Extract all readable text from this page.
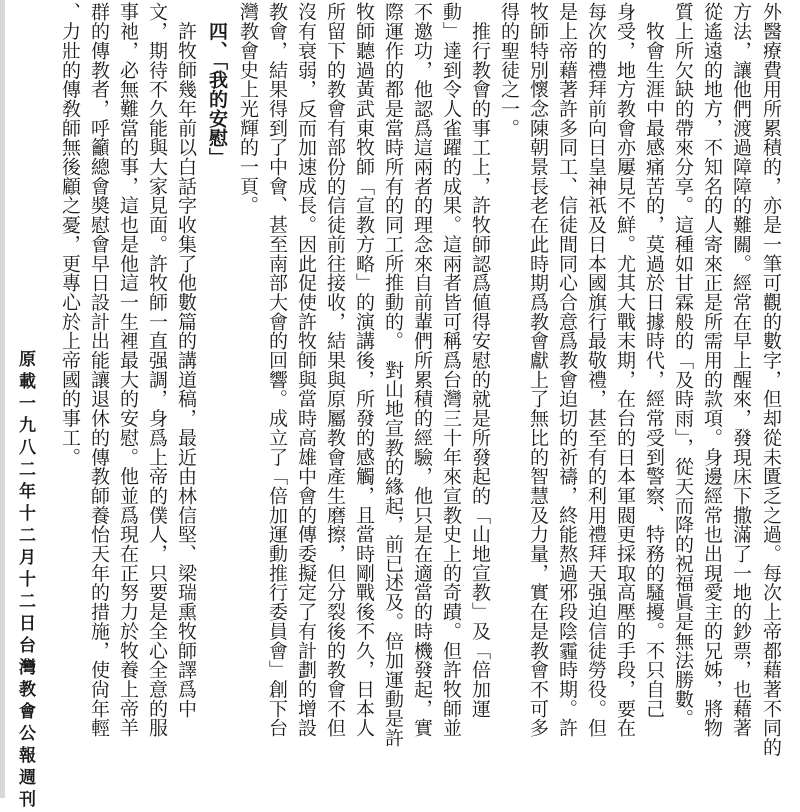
外醫療費用所累積的，亦是一筆可觀的數字，但却從未匱乏之過。每次上帝都藉著不同的
方法，讓他們渡過障障的難關。經常在早上醒來，發現床下撒滿了一地的鈔票，也藉著
從遙遠的地方，不知名的人寄來正是所需用的款項。身邊經常也出現愛主的兄姊，將物
質上所欠缺的帶來分享。這種如甘霖般的「及時雨」，從天而降的祝福眞是無法勝數。
　牧會生涯中最感痛苦的，莫過於日據時代，經常受到警察、特務的騷擾。不只自己
身受，地方教會亦屢見不鮮。尤其大戰末期，在台的日本軍閥更採取高壓的手段，要在
每次的禮拜前向日皇神祇及日本國旗行最敬禮，甚至有的利用禮拜天强迫信徒勞役。但
是上帝藉著許多同工、信徒間同心合意爲教會迫切的祈禱，終能熬過邪段陰霾時期。許
牧師特別懷念陳朝景長老在此時期爲教會獻上了無比的智慧及力量，實在是教會不可多
得的聖徒之一。
　推行教會的事工上，許牧師認爲値得安慰的就是所發起的「山地宣教」及「倍加運
動」達到令人雀躍的成果。這兩者皆可稱爲台灣三十年來宣教史上的奇蹟。但許牧師並
不邀功，他認爲這兩者的理念來自前輩們所累積的經驗，他只是在適當的時機發起，實
際運作的都是當時所有的同工所推動的。　對山地宣教的緣起，前已述及。倍加運動是許
牧師聽過黃武東牧師「宣教方略」的演講後，所發的感觸，且當時剛戰後不久，日本人
所留下的教會有部份的信徒前往接收，結果與原屬教會產生磨擦，但分裂後的教會不但
沒有衰弱，反而加速成長。因此促使許牧師與當時高雄中會的傳委擬定了有計劃的增設
教會，結果得到了中會、甚至南部大會的回響。成立了「倍加運動推行委員會」創下台
灣教會史上光輝的一頁。
　四、「我的安慰」
　許牧師幾年前以白話字收集了他數篇的講道稿，最近由林信堅、梁瑞熏牧師譯爲中
文，期待不久能與大家見面。許牧師一直强調，身爲上帝的僕人，只要是全心全意的服
事祂，必無難當的事，這也是他這一生裡最大的安慰。他並爲現在正努力於牧養上帝羊
群的傳教者，呼籲總會奬慰會早日設計出能讓退休的傳教師養怡天年的措施，使尙年輕
、力壯的傳敎師無後顧之憂，更專心於上帝國的事工。
原載一九八二年十二月十二日台灣教會公報週刊
